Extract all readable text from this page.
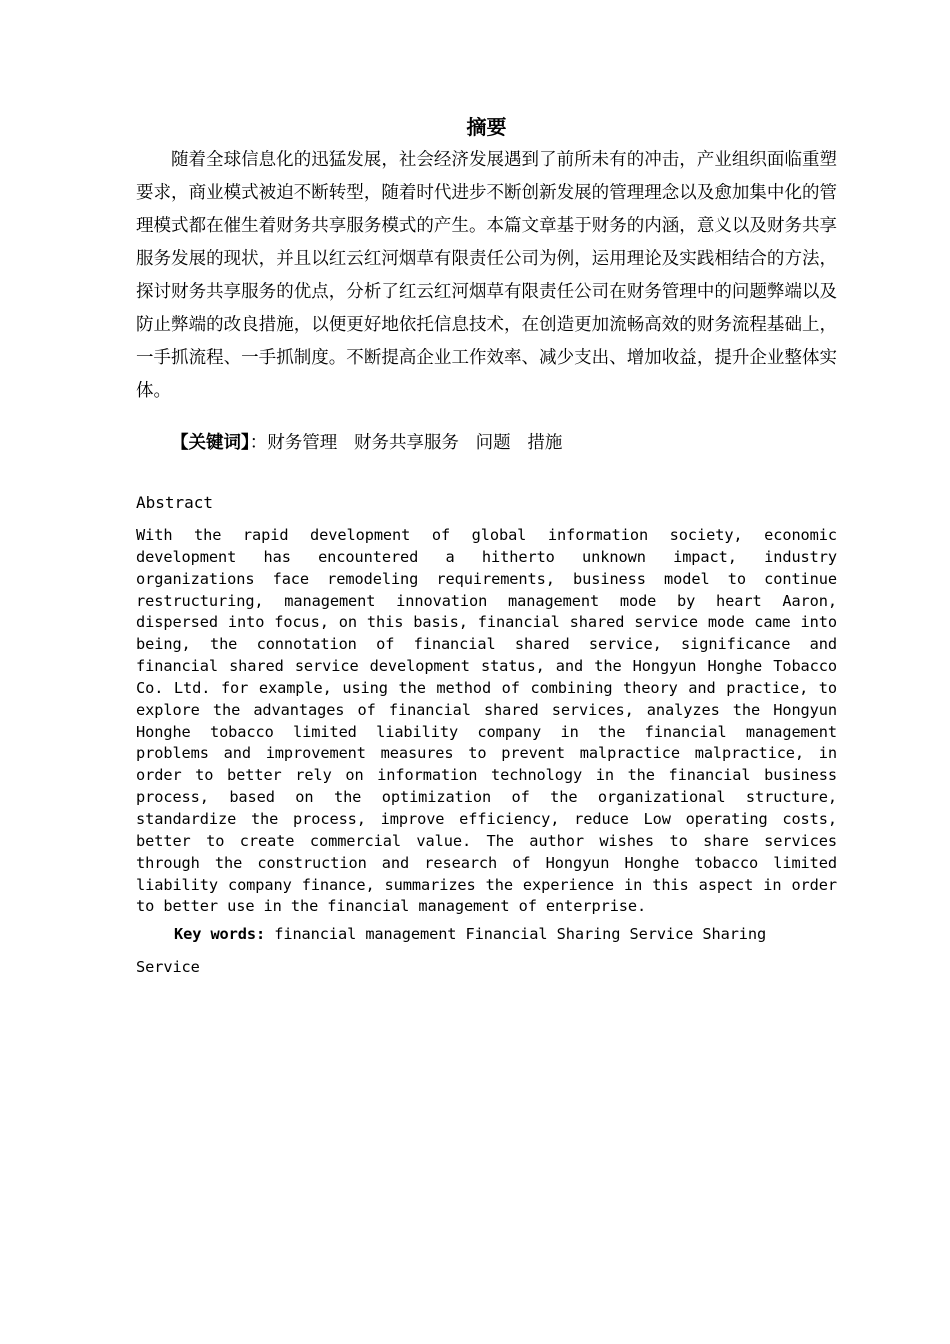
摘要

随着全球信息化的迅猛发展，社会经济发展遇到了前所未有的冲击，产业组织面临重塑要求，商业模式被迫不断转型，随着时代进步不断创新发展的管理理念以及愈加集中化的管理模式都在催生着财务共享服务模式的产生。本篇文章基于财务的内涵，意义以及财务共享服务发展的现状，并且以红云红河烟草有限责任公司为例，运用理论及实践相结合的方法，探讨财务共享服务的优点，分析了红云红河烟草有限责任公司在财务管理中的问题弊端以及防止弊端的改良措施，以便更好地依托信息技术，在创造更加流畅高效的财务流程基础上，一手抓流程、一手抓制度。不断提高企业工作效率、减少支出、增加收益，提升企业整体实体。

【关键词】：财务管理   财务共享服务   问题   措施

Abstract

With the rapid development of global information society, economic development has encountered a hitherto unknown impact, industry organizations face remodeling requirements, business model to continue restructuring, management innovation management mode by heart Aaron, dispersed into focus, on this basis, financial shared service mode came into being, the connotation of financial shared service, significance and financial shared service development status, and the Hongyun Honghe Tobacco Co. Ltd. for example, using the method of combining theory and practice, to explore the advantages of financial shared services, analyzes the Hongyun Honghe tobacco limited liability company in the financial management problems and improvement measures to prevent malpractice malpractice, in order to better rely on information technology in the financial business process, based on the optimization of the organizational structure, standardize the process, improve efficiency, reduce Low operating costs, better to create commercial value. The author wishes to share services through the construction and research of Hongyun Honghe tobacco limited liability company finance, summarizes the experience in this aspect in order to better use in the financial management of enterprise.

Key words: financial management Financial Sharing Service Sharing Service
